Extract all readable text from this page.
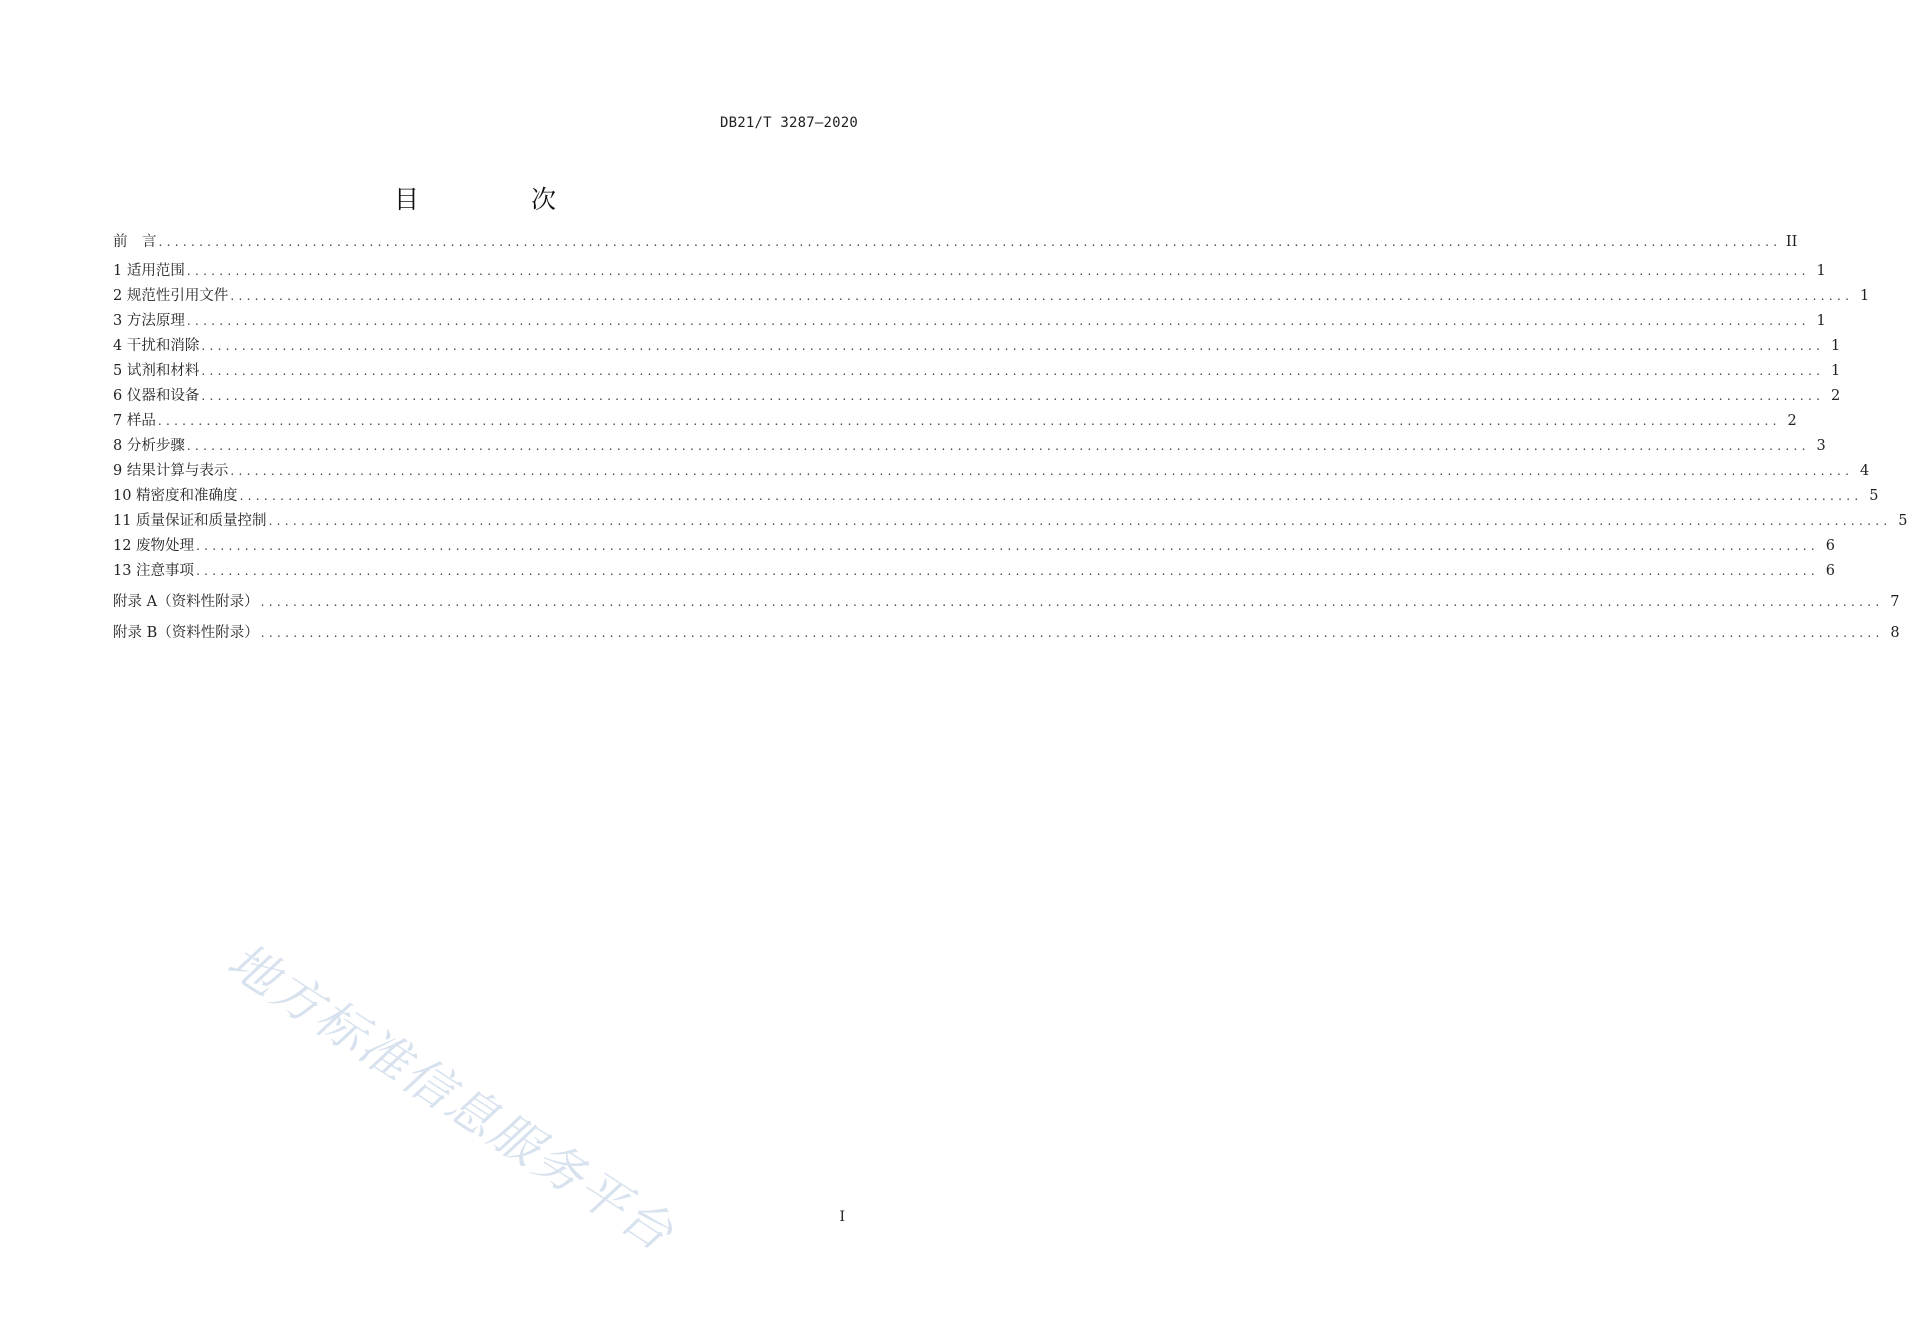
DB21/T 3287—2020
目 次
前　言 ........................................................................................................................................................................................................ II
1 适用范围 ........................................................................................................................................................................................................ 1
2 规范性引用文件 ........................................................................................................................................................................................................ 1
3 方法原理 ........................................................................................................................................................................................................ 1
4 干扰和消除 ........................................................................................................................................................................................................ 1
5 试剂和材料 ........................................................................................................................................................................................................ 1
6 仪器和设备 ........................................................................................................................................................................................................ 2
7 样品 ........................................................................................................................................................................................................ 2
8 分析步骤 ........................................................................................................................................................................................................ 3
9 结果计算与表示 ........................................................................................................................................................................................................ 4
10 精密度和准确度 ........................................................................................................................................................................................................ 5
11 质量保证和质量控制 ........................................................................................................................................................................................................ 5
12 废物处理 ........................................................................................................................................................................................................ 6
13 注意事项 ........................................................................................................................................................................................................ 6
附录 A（资料性附录） ........................................................................................................................................................................................................ 7
附录 B（资料性附录） ........................................................................................................................................................................................................ 8
地方标准信息服务平台	I
